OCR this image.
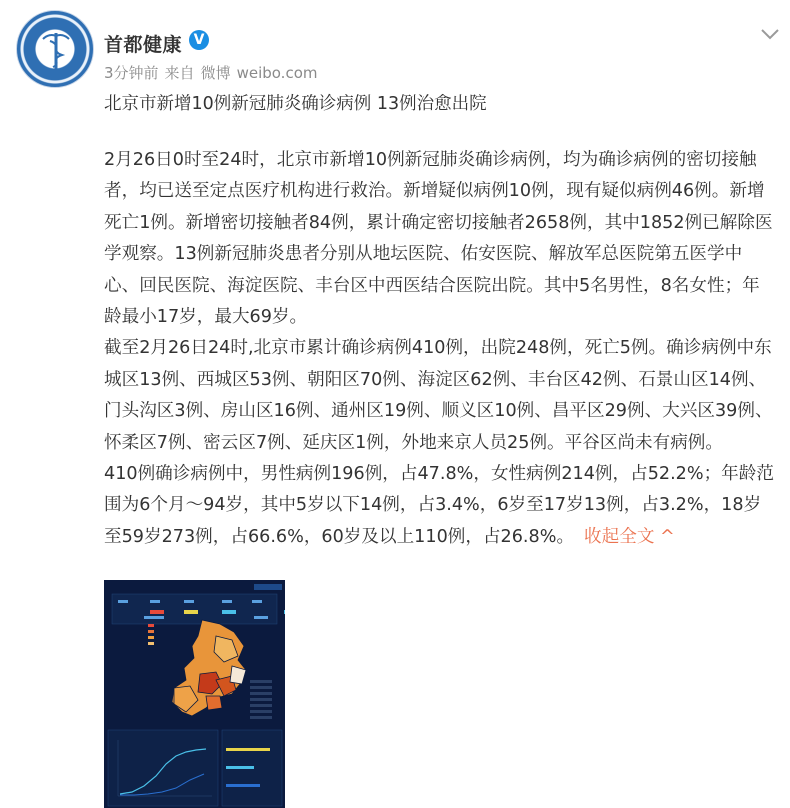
首都健康 V
3分钟前 来自 微博 weibo.com
北京市新增10例新冠肺炎确诊病例 13例治愈出院

2月26日0时至24时，北京市新增10例新冠肺炎确诊病例，均为确诊病例的密切接触者，均已送至定点医疗机构进行救治。新增疑似病例10例，现有疑似病例46例。新增死亡1例。新增密切接触者84例，累计确定密切接触者2658例，其中1852例已解除医学观察。13例新冠肺炎患者分别从地坛医院、佑安医院、解放军总医院第五医学中心、回民医院、海淀医院、丰台区中西医结合医院出院。其中5名男性，8名女性；年龄最小17岁，最大69岁。

截至2月26日24时,北京市累计确诊病例410例，出院248例，死亡5例。确诊病例中东城区13例、西城区53例、朝阳区70例、海淀区62例、丰台区42例、石景山区14例、门头沟区3例、房山区16例、通州区19例、顺义区10例、昌平区29例、大兴区39例、怀柔区7例、密云区7例、延庆区1例，外地来京人员25例。平谷区尚未有病例。

410例确诊病例中，男性病例196例，占47.8%，女性病例214例，占52.2%；年龄范围为6个月～94岁，其中5岁以下14例，占3.4%，6岁至17岁13例，占3.2%，18岁至59岁273例，占66.6%，60岁及以上110例，占26.8%。 收起全文 ^
